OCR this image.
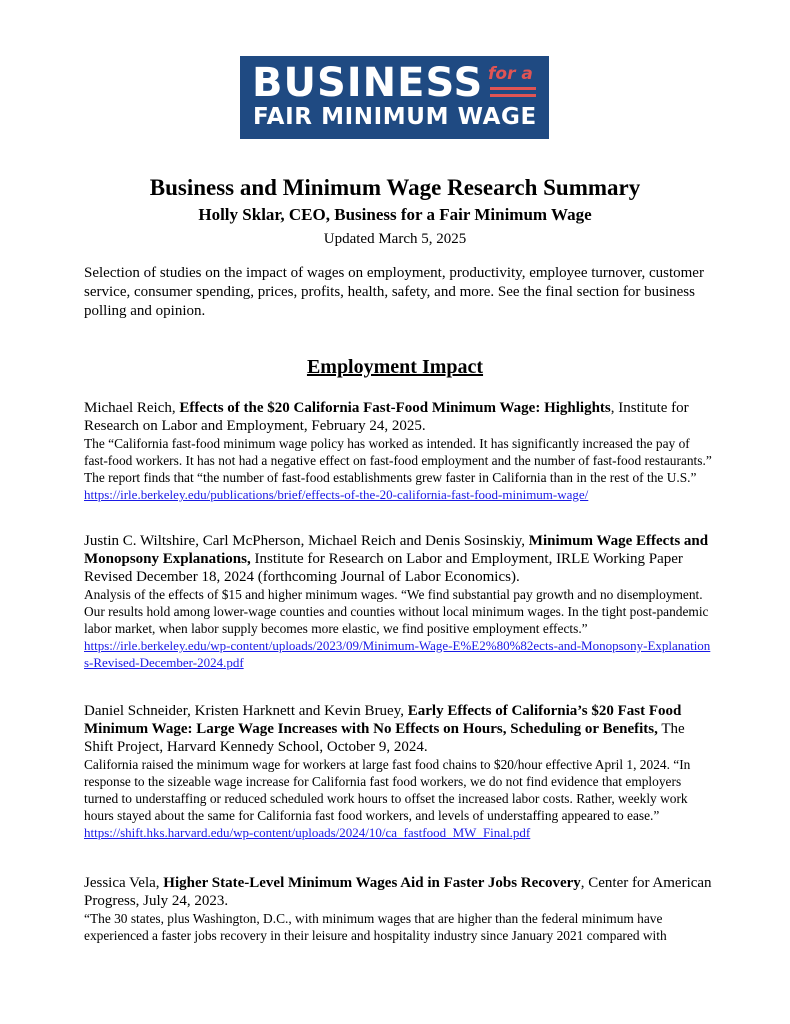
BUSINESS for a
FAIR MINIMUM WAGE
Business and Minimum Wage Research Summary
Holly Sklar, CEO, Business for a Fair Minimum Wage
Updated March 5, 2025
Selection of studies on the impact of wages on employment, productivity, employee turnover, customer service, consumer spending, prices, profits, health, safety, and more. See the final section for business polling and opinion.
Employment Impact
Michael Reich, Effects of the $20 California Fast-Food Minimum Wage: Highlights, Institute for Research on Labor and Employment, February 24, 2025.
The “California fast-food minimum wage policy has worked as intended. It has significantly increased the pay of fast-food workers. It has not had a negative effect on fast-food employment and the number of fast-food restaurants.” The report finds that “the number of fast-food establishments grew faster in California than in the rest of the U.S.”
https://irle.berkeley.edu/publications/brief/effects-of-the-20-california-fast-food-minimum-wage/
Justin C. Wiltshire, Carl McPherson, Michael Reich and Denis Sosinskiy, Minimum Wage Effects and Monopsony Explanations, Institute for Research on Labor and Employment, IRLE Working Paper Revised December 18, 2024 (forthcoming Journal of Labor Economics).
Analysis of the effects of $15 and higher minimum wages. “We find substantial pay growth and no disemployment. Our results hold among lower-wage counties and counties without local minimum wages. In the tight post-pandemic labor market, when labor supply becomes more elastic, we find positive employment effects.”
https://irle.berkeley.edu/wp-content/uploads/2023/09/Minimum-Wage-E%E2%80%82ects-and-Monopsony-Explanations-Revised-December-2024.pdf
Daniel Schneider, Kristen Harknett and Kevin Bruey, Early Effects of California’s $20 Fast Food Minimum Wage: Large Wage Increases with No Effects on Hours, Scheduling or Benefits, The Shift Project, Harvard Kennedy School, October 9, 2024.
California raised the minimum wage for workers at large fast food chains to $20/hour effective April 1, 2024. “In response to the sizeable wage increase for California fast food workers, we do not find evidence that employers turned to understaffing or reduced scheduled work hours to offset the increased labor costs. Rather, weekly work hours stayed about the same for California fast food workers, and levels of understaffing appeared to ease.”
https://shift.hks.harvard.edu/wp-content/uploads/2024/10/ca_fastfood_MW_Final.pdf
Jessica Vela, Higher State-Level Minimum Wages Aid in Faster Jobs Recovery, Center for American Progress, July 24, 2023.
“The 30 states, plus Washington, D.C., with minimum wages that are higher than the federal minimum have experienced a faster jobs recovery in their leisure and hospitality industry since January 2021 compared with
